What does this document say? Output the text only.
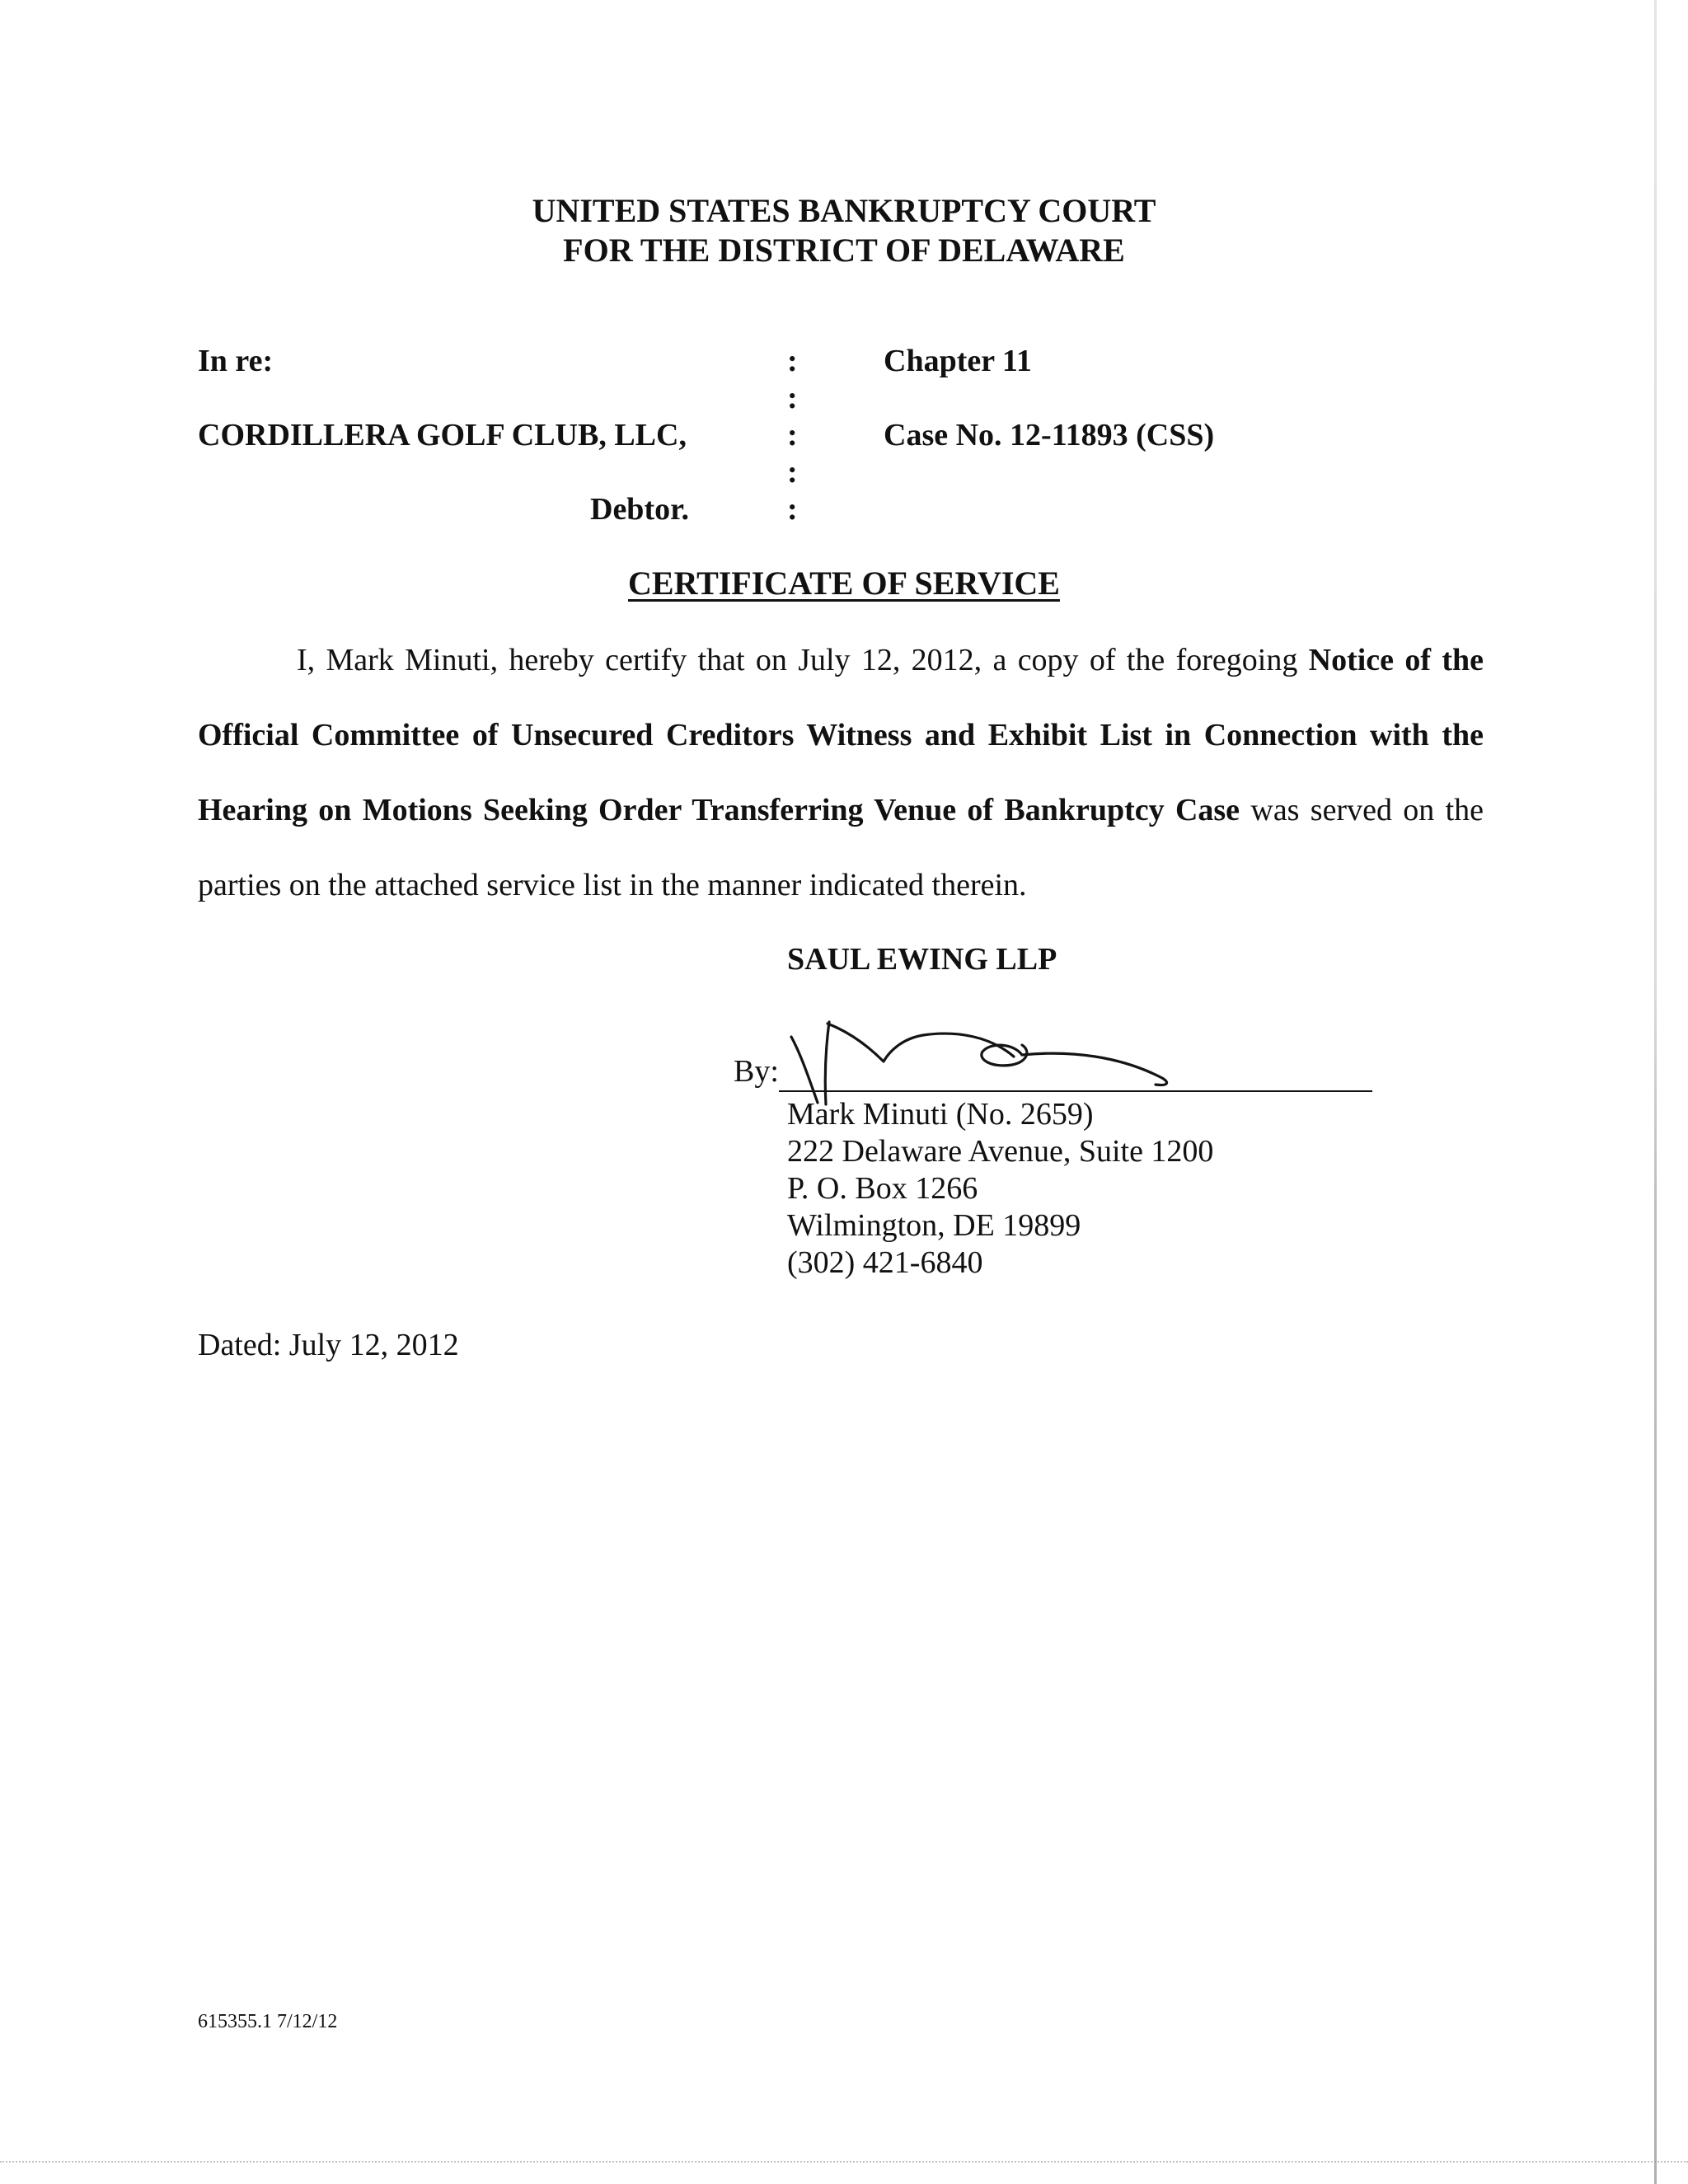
UNITED STATES BANKRUPTCY COURT
FOR THE DISTRICT OF DELAWARE
In re:
CORDILLERA GOLF CLUB, LLC,
Debtor.
:
:
:
:
:
Chapter 11
Case No. 12-11893 (CSS)
CERTIFICATE OF SERVICE
I, Mark Minuti, hereby certify that on July 12, 2012, a copy of the foregoing Notice of the Official Committee of Unsecured Creditors Witness and Exhibit List in Connection with the Hearing on Motions Seeking Order Transferring Venue of Bankruptcy Case was served on the parties on the attached service list in the manner indicated therein.
SAUL EWING LLP
By:
Mark Minuti (No. 2659)
222 Delaware Avenue, Suite 1200
P. O. Box 1266
Wilmington, DE 19899
(302) 421-6840
Dated: July 12, 2012
615355.1 7/12/12
